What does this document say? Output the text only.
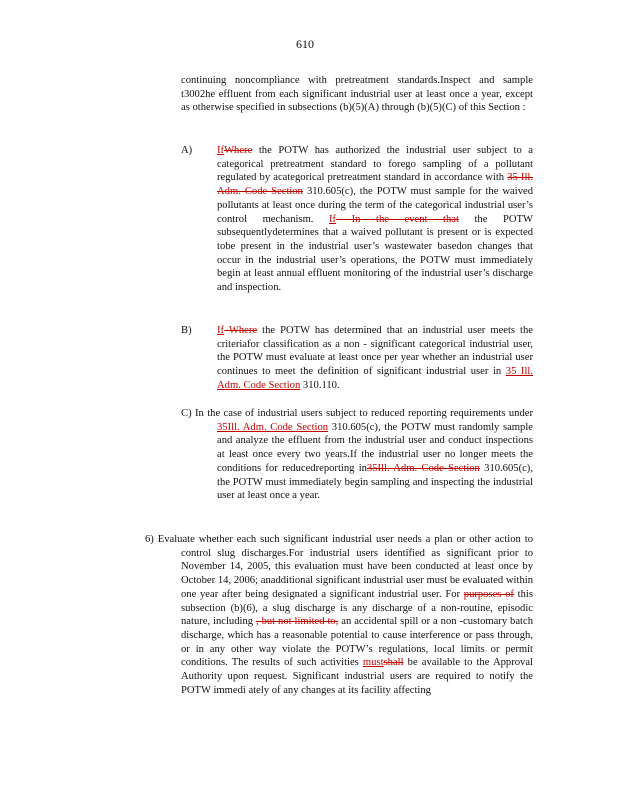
610

continuing noncompliance with pretreatment standards.Inspect and sample t3002he effluent from each significant industrial user at least once a year, except as otherwise specified in subsections (b)(5)(A) through (b)(5)(C) of this Section :

A) IfWhere the POTW has authorized the industrial user subject to a categorical pretreatment standard to forego sampling of a pollutant regulated by acategorical pretreatment standard in accordance with 35 Ill. Adm. Code Section 310.605(c), the POTW must sample for the waived pollutants at least once during the term of the categorical industrial user’s control mechanism. If In the event that the POTW subsequentlydetermines that a waived pollutant is present or is expected tobe present in the industrial user’s wastewater basedon changes that occur in the industrial user’s operations, the POTW must immediately begin at least annual effluent monitoring of the industrial user’s discharge and inspection.

B) If Where the POTW has determined that an industrial user meets the criteriafor classification as a non - significant categorical industrial user, the POTW must evaluate at least once per year whether an industrial user continues to meet the definition of significant industrial user in 35 Ill. Adm. Code Section 310.110.

C) In the case of industrial users subject to reduced reporting requirements under 35Ill. Adm. Code Section 310.605(c), the POTW must randomly sample and analyze the effluent from the industrial user and conduct inspections at least once every two years.If the industrial user no longer meets the conditions for reducedreporting in35Ill. Adm. Code Section 310.605(c), the POTW must immediately begin sampling and inspecting the industrial user at least once a year.

6) Evaluate whether each such significant industrial user needs a plan or other action to control slug discharges.For industrial users identified as significant prior to November 14, 2005, this evaluation must have been conducted at least once by October 14, 2006; anadditional significant industrial user must be evaluated within one year after being designated a significant industrial user. For purposes of this subsection (b)(6), a slug discharge is any discharge of a non-routine, episodic nature, including , but not limited to, an accidental spill or a non -customary batch discharge, which has a reasonable potential to cause interference or pass through, or in any other way violate the POTW’s regulations, local limits or permit conditions. The results of such activities mustshall be available to the Approval Authority upon request. Significant industrial users are required to notify the POTW immedi ately of any changes at its facility affecting
